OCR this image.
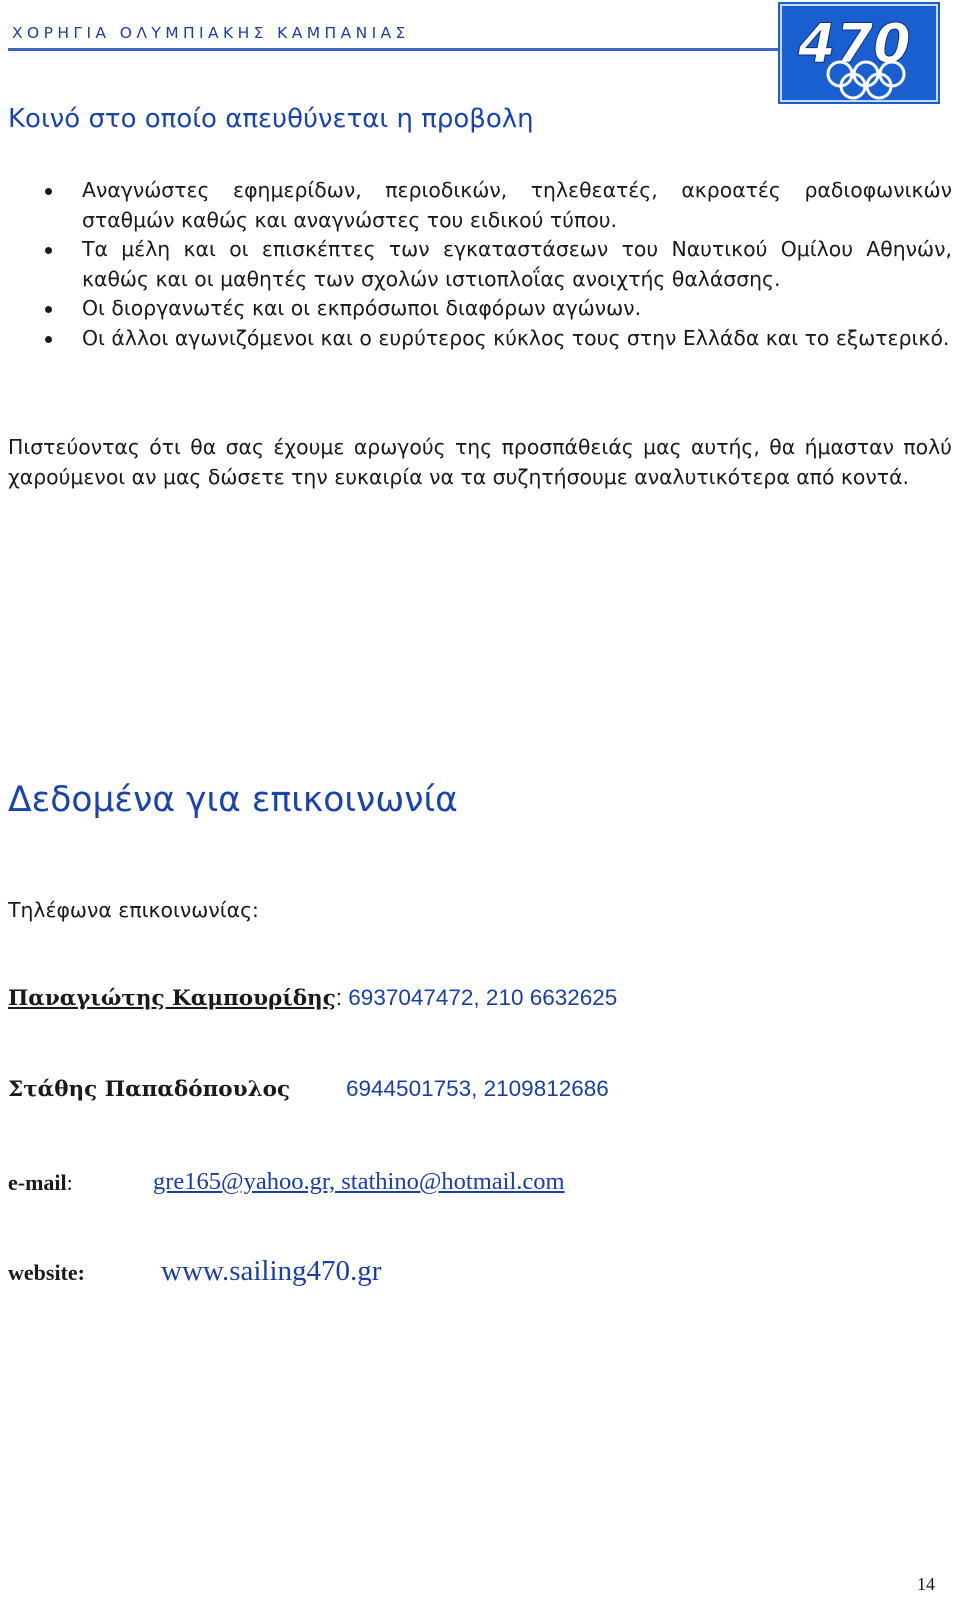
ΧΟΡΗΓΙΑ ΟΛΥΜΠΙΑΚΗΣ ΚΑΜΠΑΝΙΑΣ	470
Κοινό στο οποίο απευθύνεται η προβολη
Αναγνώστες εφημερίδων, περιοδικών, τηλεθεατές, ακροατές ραδιοφωνικών σταθμών καθώς και αναγνώστες του ειδικού τύπου.
Τα μέλη και οι επισκέπτες των εγκαταστάσεων του Ναυτικού Ομίλου Αθηνών, καθώς και οι μαθητές των σχολών ιστιοπλοΐας ανοιχτής θαλάσσης.
Οι διοργανωτές και οι εκπρόσωποι διαφόρων αγώνων.
Οι άλλοι αγωνιζόμενοι και ο ευρύτερος κύκλος τους στην Ελλάδα και το εξωτερικό.

Πιστεύοντας ότι θα σας έχουμε αρωγούς της προσπάθειάς μας αυτής, θα ήμασταν πολύ χαρούμενοι αν μας δώσετε την ευκαιρία να τα συζητήσουμε αναλυτικότερα από κοντά.

Δεδομένα για επικοινωνία
Τηλέφωνα επικοινωνίας:
Παναγιώτης Καμπουρίδης: 6937047472, 210 6632625
Στάθης Παπαδόπουλος 6944501753, 2109812686
e-mail:	gre165@yahoo.gr, stathino@hotmail.com
website:	www.sailing470.gr
14
